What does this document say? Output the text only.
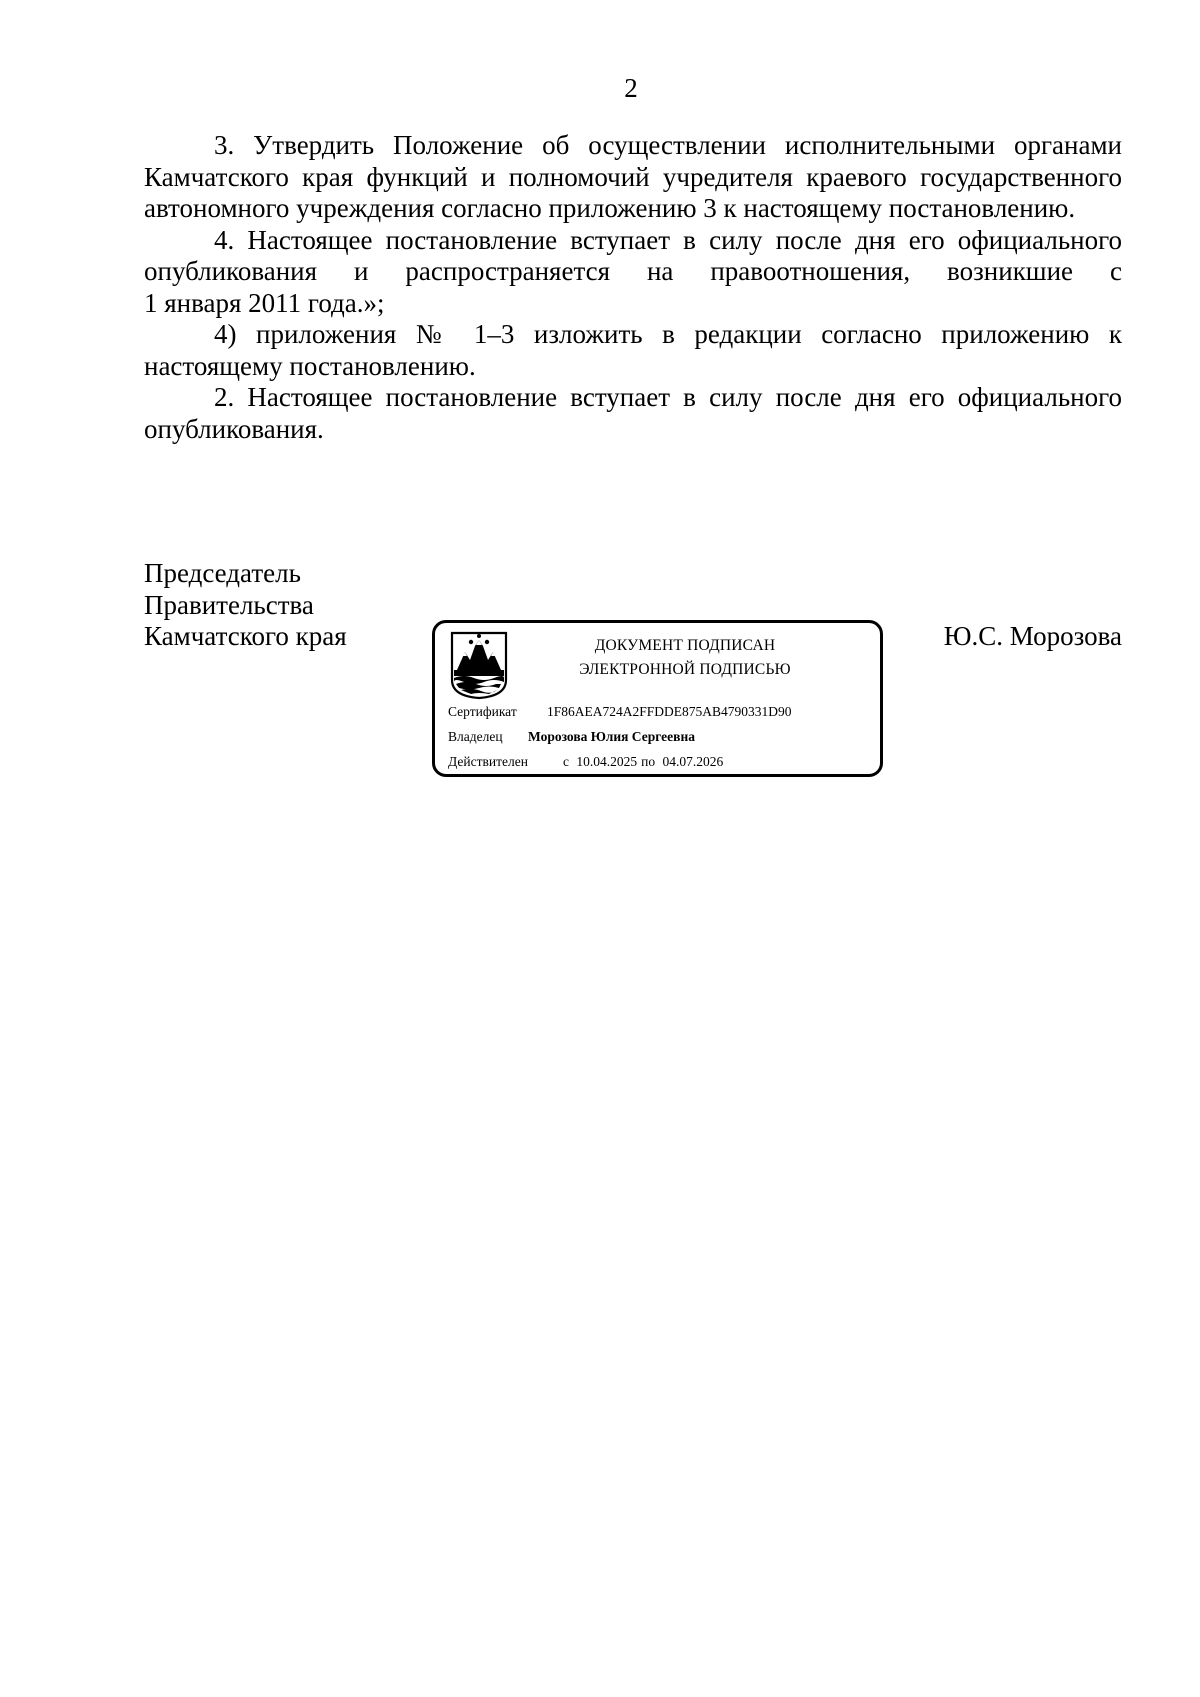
2

3. Утвердить Положение об осуществлении исполнительными органами Камчатского края функций и полномочий учредителя краевого государственного автономного учреждения согласно приложению 3 к настоящему постановлению.

4. Настоящее постановление вступает в силу после дня его официального опубликования и распространяется на правоотношения, возникшие с

1 января 2011 года.»;

4) приложения № 1–3 изложить в редакции согласно приложению к настоящему постановлению.

2. Настоящее постановление вступает в силу после дня его официального опубликования.

Председатель
Правительства
Камчатского края	Ю.С. Морозова
ДОКУМЕНТ ПОДПИСАН
ЭЛЕКТРОННОЙ ПОДПИСЬЮ
Сертификат 1F86AEA724A2FFDDE875AB4790331D90
Владелец Морозова Юлия Сергеевна
Действителен	с 10.04.2025 по 04.07.2026
